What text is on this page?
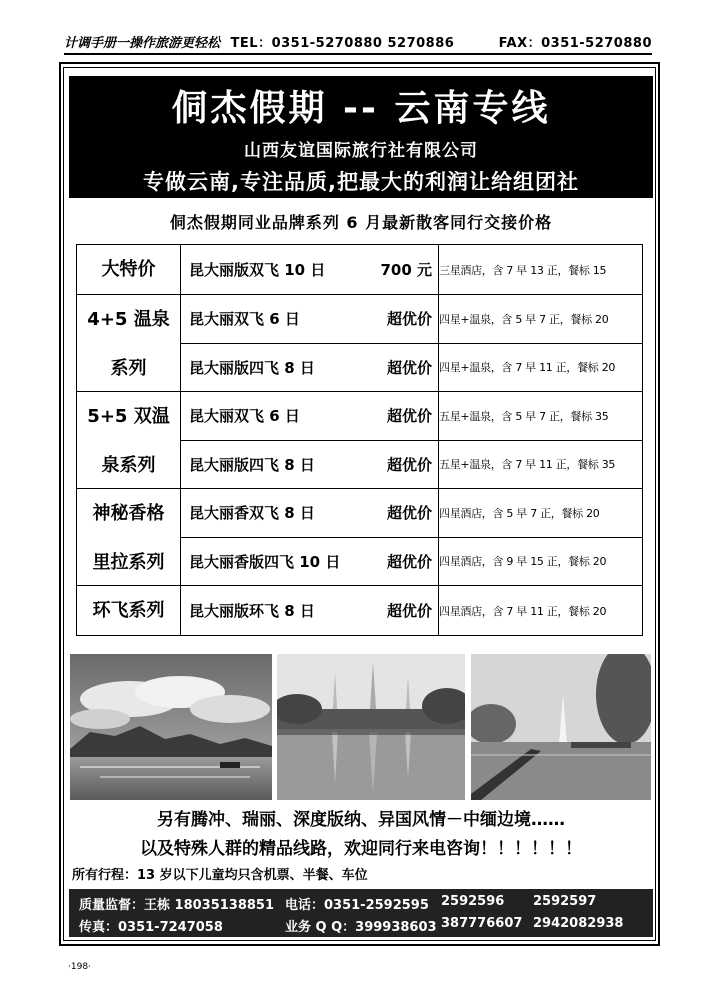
计调手册一操作旅游更轻松 TEL：0351-5270880 5270886	FAX：0351-5270880
侗杰假期 -- 云南专线
山西友谊国际旅行社有限公司
专做云南,专注品质,把最大的利润让给组团社
侗杰假期同业品牌系列 6 月最新散客同行交接价格
大特价	昆大丽版双飞 10 日 700 元	三星酒店，含 7 早 13 正，餐标 15

4+5 温泉
系列	昆大丽双飞 6 日 超优价	四星+温泉，含 5 早 7 正，餐标 20
	昆大丽版四飞 8 日 超优价	四星+温泉，含 7 早 11 正，餐标 20

5+5 双温
泉系列	昆大丽双飞 6 日 超优价	五星+温泉，含 5 早 7 正，餐标 35
	昆大丽版四飞 8 日 超优价	五星+温泉，含 7 早 11 正，餐标 35

神秘香格
里拉系列	昆大丽香双飞 8 日 超优价	四星酒店，含 5 早 7 正，餐标 20
	昆大丽香版四飞 10 日 超优价	四星酒店，含 9 早 15 正，餐标 20
环飞系列	昆大丽版环飞 8 日 超优价	四星酒店，含 7 早 11 正，餐标 20
另有腾冲、瑞丽、深度版纳、异国风情－中缅边境……
以及特殊人群的精品线路，欢迎同行来电咨询！！！！！！
所有行程：13 岁以下儿童均只含机票、半餐、车位
质量监督：王栋 18035138851 电话：0351-2592595 2592596 2592597
传真：0351-7247058	业务 Q Q：399938603 387776607 2942082938
·198·
